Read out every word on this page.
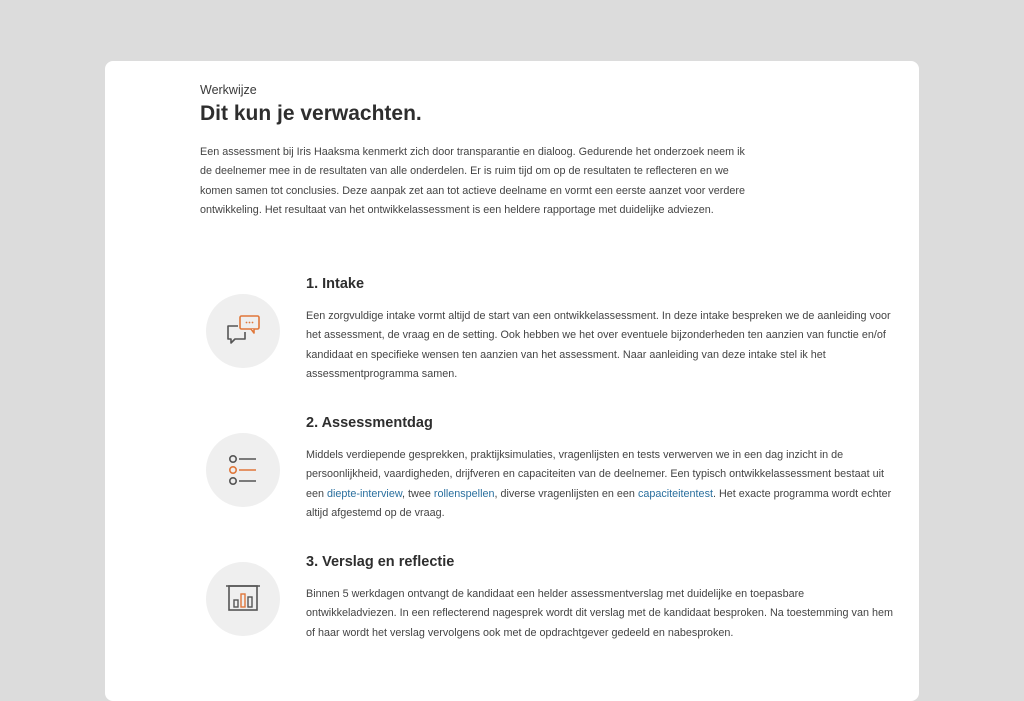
Werkwijze
Dit kun je verwachten.

Een assessment bij Iris Haaksma kenmerkt zich door transparantie en dialoog. Gedurende het onderzoek neem ik de deelnemer mee in de resultaten van alle onderdelen. Er is ruim tijd om op de resultaten te reflecteren en we komen samen tot conclusies. Deze aanpak zet aan tot actieve deelname en vormt een eerste aanzet voor verdere ontwikkeling. Het resultaat van het ontwikkelassessment is een heldere rapportage met duidelijke adviezen.

1. Intake

Een zorgvuldige intake vormt altijd de start van een ontwikkelassessment. In deze intake bespreken we de aanleiding voor het assessment, de vraag en de setting. Ook hebben we het over eventuele bijzonderheden ten aanzien van functie en/of kandidaat en specifieke wensen ten aanzien van het assessment. Naar aanleiding van deze intake stel ik het assessmentprogramma samen.

2. Assessmentdag

Middels verdiepende gesprekken, praktijksimulaties, vragenlijsten en tests verwerven we in een dag inzicht in de persoonlijkheid, vaardigheden, drijfveren en capaciteiten van de deelnemer. Een typisch ontwikkelassessment bestaat uit een diepte-interview, twee rollenspellen, diverse vragenlijsten en een capaciteitentest. Het exacte programma wordt echter altijd afgestemd op de vraag.

3. Verslag en reflectie

Binnen 5 werkdagen ontvangt de kandidaat een helder assessmentverslag met duidelijke en toepasbare ontwikkeladviezen. In een reflecterend nagesprek wordt dit verslag met de kandidaat besproken. Na toestemming van hem of haar wordt het verslag vervolgens ook met de opdrachtgever gedeeld en nabesproken.
